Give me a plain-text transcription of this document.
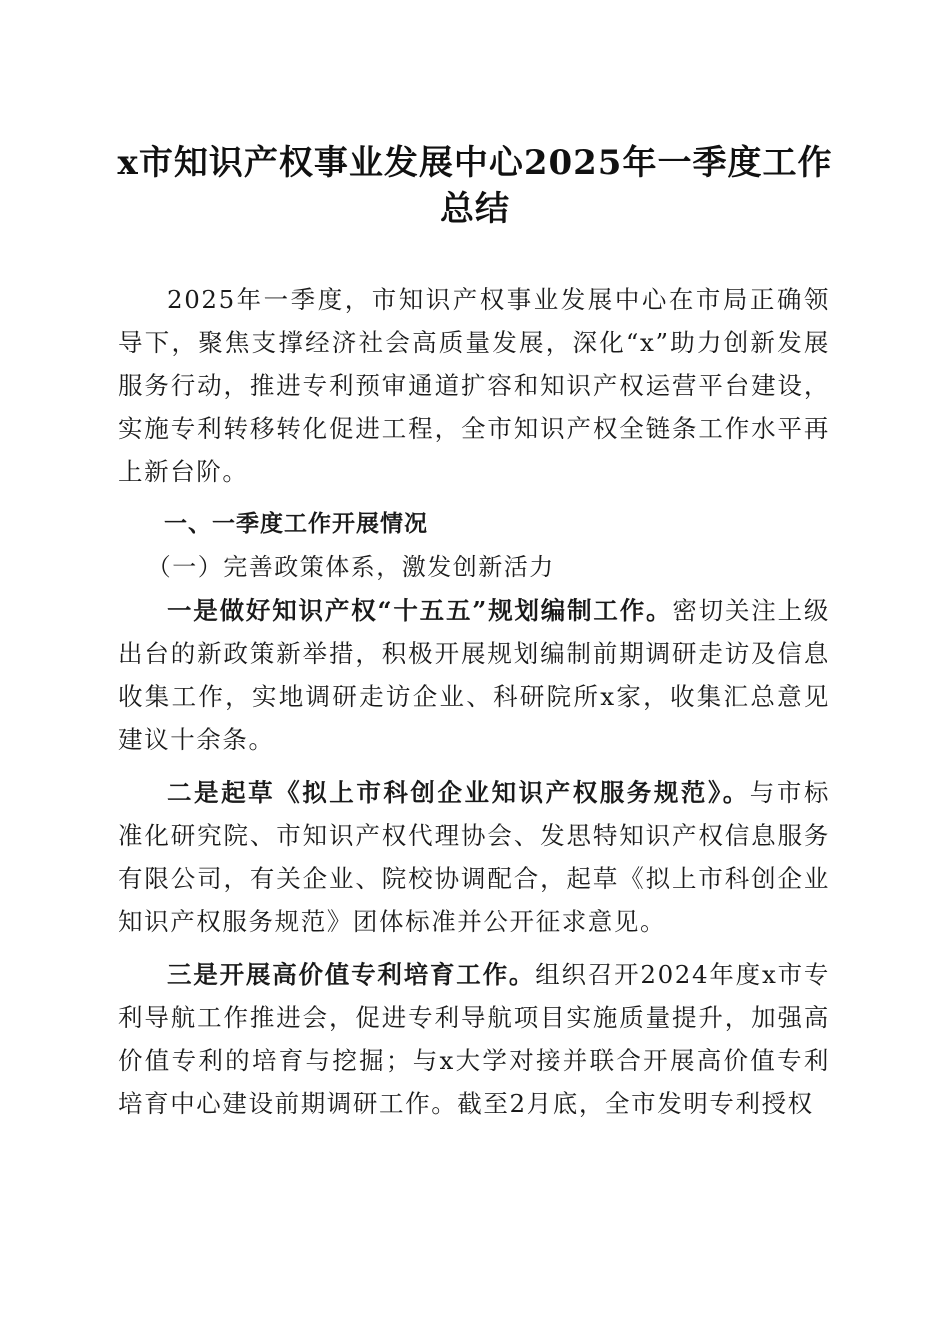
x市知识产权事业发展中心2025年一季度工作总结

2025年一季度，市知识产权事业发展中心在市局正确领导下，聚焦支撑经济社会高质量发展，深化“x”助力创新发展服务行动，推进专利预审通道扩容和知识产权运营平台建设，实施专利转移转化促进工程，全市知识产权全链条工作水平再上新台阶。

一、一季度工作开展情况

（一）完善政策体系，激发创新活力

一是做好知识产权“十五五”规划编制工作。密切关注上级出台的新政策新举措，积极开展规划编制前期调研走访及信息收集工作，实地调研走访企业、科研院所x家，收集汇总意见建议十余条。

二是起草《拟上市科创企业知识产权服务规范》。与市标准化研究院、市知识产权代理协会、发思特知识产权信息服务有限公司，有关企业、院校协调配合，起草《拟上市科创企业知识产权服务规范》团体标准并公开征求意见。

三是开展高价值专利培育工作。组织召开2024年度x市专利导航工作推进会，促进专利导航项目实施质量提升，加强高价值专利的培育与挖掘；与x大学对接并联合开展高价值专利培育中心建设前期调研工作。截至2月底，全市发明专利授权
